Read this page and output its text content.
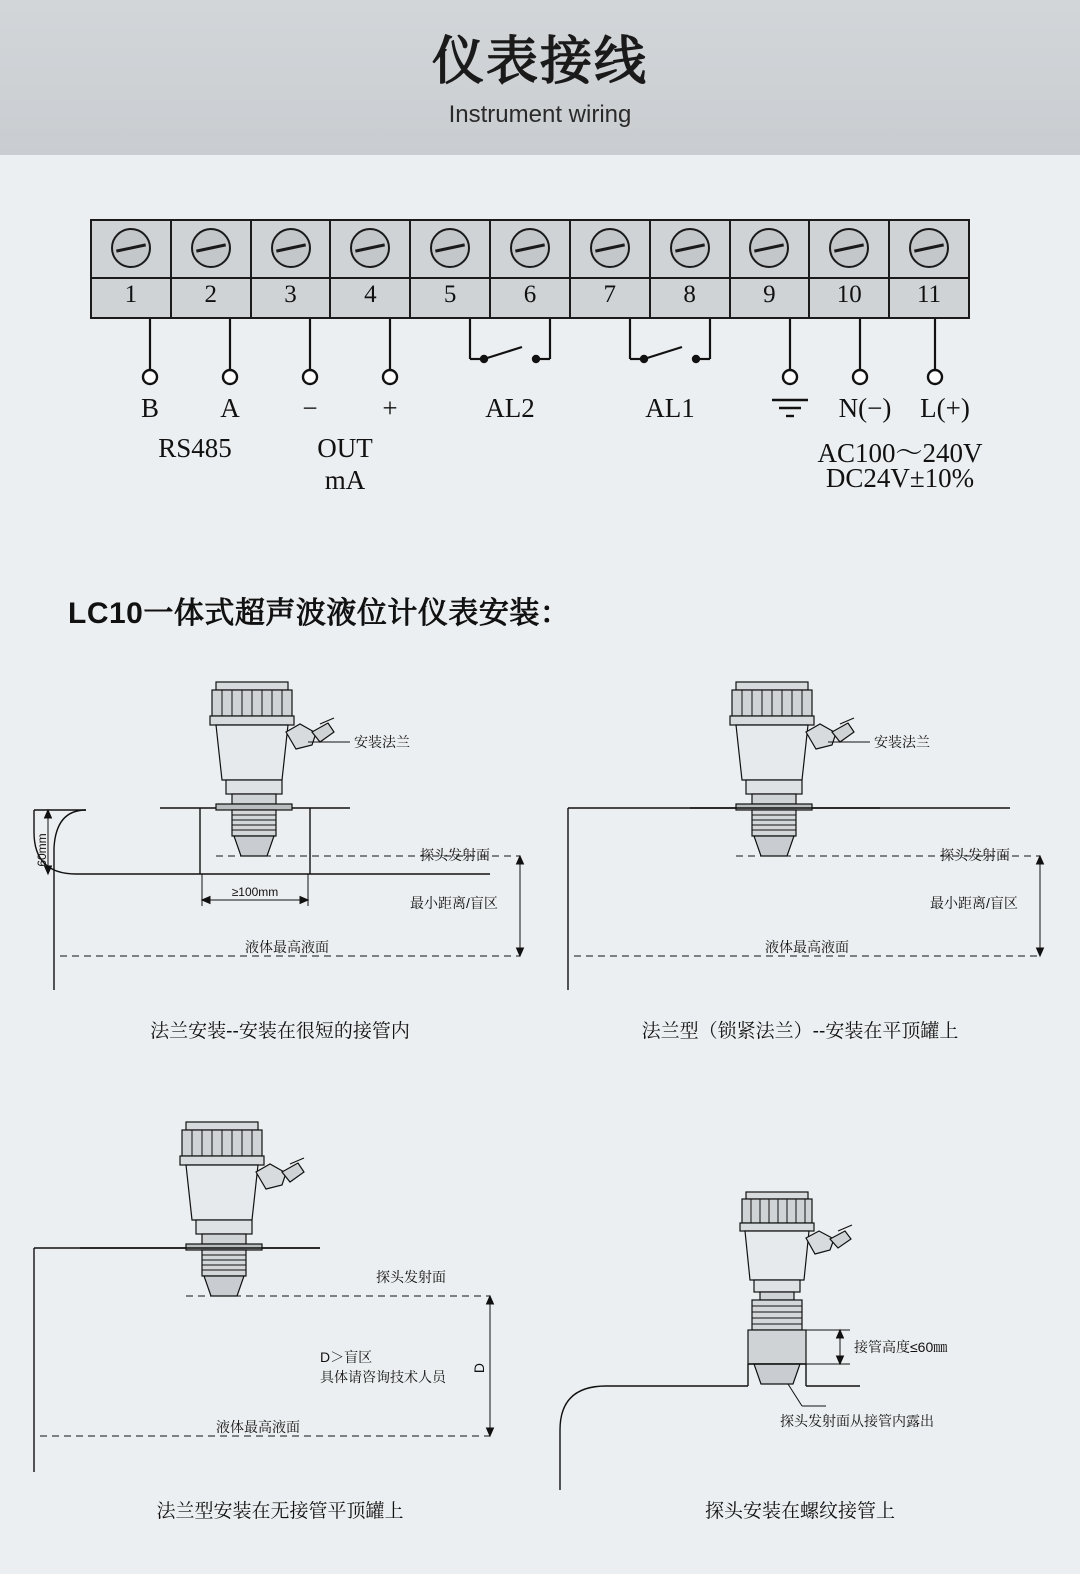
仪表接线
Instrument wiring
1	2	3	4	5	6	7	8	9	10	11
B	A	−	+	AL2	AL1	N(−)	L(+)
RS485	OUT
mA
AC100～240V
DC24V±10%
LC10一体式超声波液位计仪表安装：
60mm
≥100mm
安装法兰
探头发射面
最小距离/盲区
液体最高液面
法兰安装--安装在很短的接管内
安装法兰
探头发射面
最小距离/盲区
液体最高液面
法兰型（锁紧法兰）--安装在平顶罐上
探头发射面
D
D＞盲区
具体请咨询技术人员
液体最高液面
法兰型安装在无接管平顶罐上
接管高度≤60㎜
探头发射面从接管内露出
探头安装在螺纹接管上
